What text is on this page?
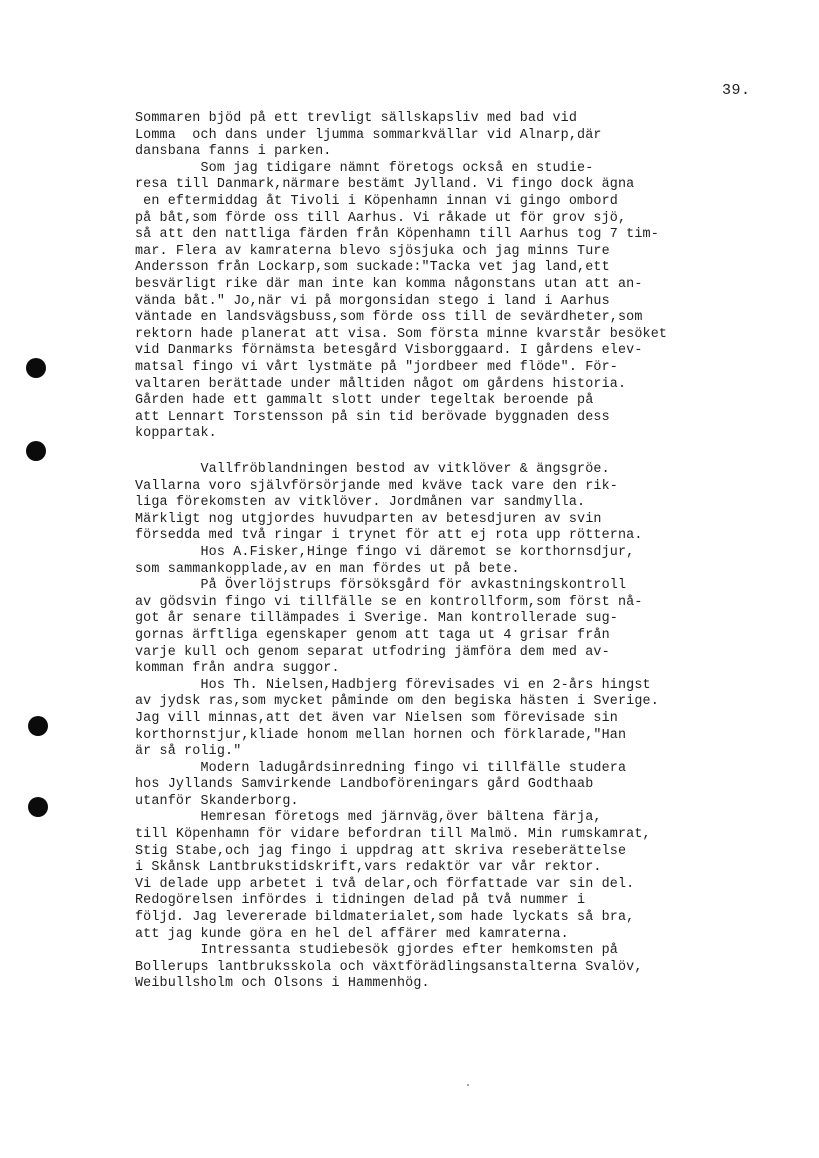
39.
Sommaren bjöd på ett trevligt sällskapsliv med bad vid
Lomma  och dans under ljumma sommarkvällar vid Alnarp,där
dansbana fanns i parken.
Som jag tidigare nämnt företogs också en studie-
resa till Danmark,närmare bestämt Jylland. Vi fingo dock ägna
en eftermiddag åt Tivoli i Köpenhamn innan vi gingo ombord
på båt,som förde oss till Aarhus. Vi råkade ut för grov sjö,
så att den nattliga färden från Köpenhamn till Aarhus tog 7 tim-
mar. Flera av kamraterna blevo sjösjuka och jag minns Ture
Andersson från Lockarp,som suckade:"Tacka vet jag land,ett
besvärligt rike där man inte kan komma någonstans utan att an-
vända båt." Jo,när vi på morgonsidan stego i land i Aarhus
väntade en landsvägsbuss,som förde oss till de sevärdheter,som
rektorn hade planerat att visa. Som första minne kvarstår besöket
vid Danmarks förnämsta betesgård Visborggaard. I gårdens elev-
matsal fingo vi vårt lystmäte på "jordbeer med flöde". För-
valtaren berättade under måltiden något om gårdens historia.
Gården hade ett gammalt slott under tegeltak beroende på
att Lennart Torstensson på sin tid berövade byggnaden dess
koppartak.
Vallfröblandningen bestod av vitklöver & ängsgröe.
Vallarna voro självförsörjande med kväve tack vare den rik-
liga förekomsten av vitklöver. Jordmånen var sandmylla.
Märkligt nog utgjordes huvudparten av betesdjuren av svin
försedda med två ringar i trynet för att ej rota upp rötterna.
Hos A.Fisker,Hinge fingo vi däremot se korthornsdjur,
som sammankopplade,av en man fördes ut på bete.
På Överlöjstrups försöksgård för avkastningskontroll
av gödsvin fingo vi tillfälle se en kontrollform,som först nå-
got år senare tillämpades i Sverige. Man kontrollerade sug-
gornas ärftliga egenskaper genom att taga ut 4 grisar från
varje kull och genom separat utfodring jämföra dem med av-
komman från andra suggor.
Hos Th. Nielsen,Hadbjerg förevisades vi en 2-års hingst
av jydsk ras,som mycket påminde om den begiska hästen i Sverige.
Jag vill minnas,att det även var Nielsen som förevisade sin
korthornstjur,kliade honom mellan hornen och förklarade,"Han
är så rolig."
Modern ladugårdsinredning fingo vi tillfälle studera
hos Jyllands Samvirkende Landboföreningars gård Godthaab
utanför Skanderborg.
Hemresan företogs med järnväg,över bältena färja,
till Köpenhamn för vidare befordran till Malmö. Min rumskamrat,
Stig Stabe,och jag fingo i uppdrag att skriva reseberättelse
i Skånsk Lantbrukstidskrift,vars redaktör var vår rektor.
Vi delade upp arbetet i två delar,och författade var sin del.
Redogörelsen infördes i tidningen delad på två nummer i
följd. Jag levererade bildmaterialet,som hade lyckats så bra,
att jag kunde göra en hel del affärer med kamraterna.
Intressanta studiebesök gjordes efter hemkomsten på
Bollerups lantbruksskola och växtförädlingsanstalterna Svalöv,
Weibullsholm och Olsons i Hammenhög.
